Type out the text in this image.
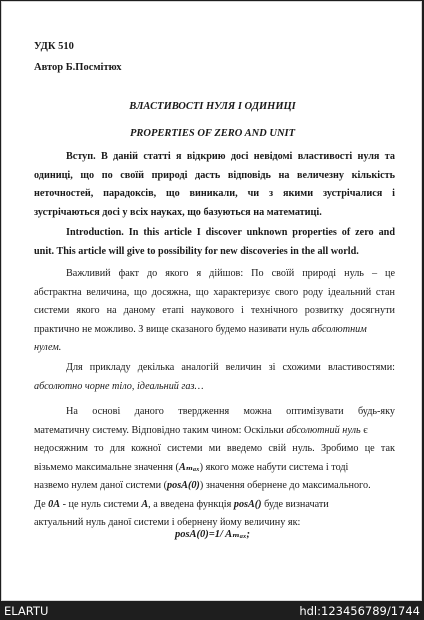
УДК 510
Автор Б.Посмітюх
ВЛАСТИВОСТІ НУЛЯ І ОДИНИЦІ
PROPERTIES OF ZERO AND UNIT
Вступ. В даній статті я відкрию досі невідомі властивості нуля та
одиниці, що по своїй природі дасть відповідь на величезну кількість
неточностей, парадоксів, що виникали, чи з якими зустрічалися і
зустрічаються досі у всіх науках, що базуються на математиці.
Introduction. In this article I discover unknown properties of zero and
unit. This article will give to possibility for new discoveries in the all world.
Важливий факт до якого я дійшов: По своїй природі нуль – це
абстрактна величина, що досяжна, що характеризує свого роду ідеальний стан
системи якого на даному етапі наукового і технічного розвитку досягнути
практично не можливо. З вище сказаного будемо називати нуль абсолютним
нулем.
Для прикладу декілька аналогій величин зі схожими властивостями:
абсолютно чорне тіло, ідеальний газ…
На основі даного твердження можна оптимізувати будь-яку
математичну систему. Відповідно таким чином: Оскільки абсолютний нуль є
недосяжним то для кожної системи ми введемо свій нуль. Зробимо це так
візьмемо максимальне значення (Aₘₐₓ) якого може набути система і тоді
назвемо нулем даної системи (posA(0)) значення обернене до максимального.
Де 0A - це нуль системи A, а введена функція posA() буде визначати
актуальний нуль даної системи і обернену йому величину як:
posA(0)=1/ Aₘₐₓ;
ELARTU	hdl:123456789/1744
